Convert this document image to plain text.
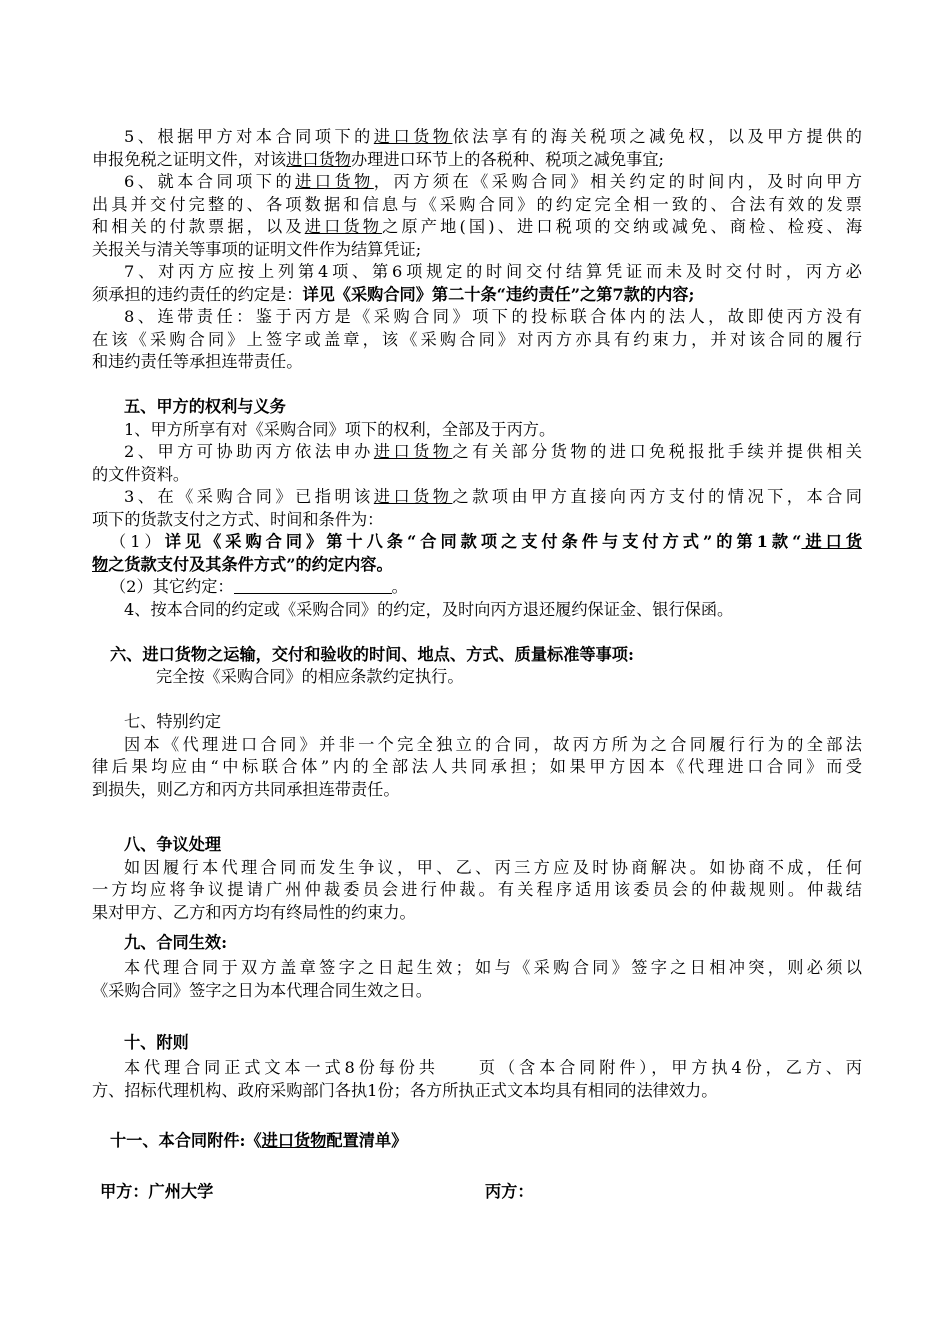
5、根据甲方对本合同项下的进口货物依法享有的海关税项之减免权，以及甲方提供的
申报免税之证明文件，对该进口货物办理进口环节上的各税种、税项之减免事宜;
6、就本合同项下的进口货物，丙方须在《采购合同》相关约定的时间内，及时向甲方
出具并交付完整的、各项数据和信息与《采购合同》的约定完全相一致的、合法有效的发票
和相关的付款票据，以及进口货物之原产地(国)、进口税项的交纳或减免、商检、检疫、海
关报关与清关等事项的证明文件作为结算凭证;
7、对丙方应按上列第4项、第6项规定的时间交付结算凭证而未及时交付时，丙方必
须承担的违约责任的约定是：详见《采购合同》第二十条“违约责任”之第7款的内容;
8、连带责任：鉴于丙方是《采购合同》项下的投标联合体内的法人，故即使丙方没有
在该《采购合同》上签字或盖章，该《采购合同》对丙方亦具有约束力，并对该合同的履行
和违约责任等承担连带责任。
五、甲方的权利与义务
1、甲方所享有对《采购合同》项下的权利，全部及于丙方。
2、甲方可协助丙方依法申办进口货物之有关部分货物的进口免税报批手续并提供相关
的文件资料。
3、在《采购合同》已指明该进口货物之款项由甲方直接向丙方支付的情况下，本合同
项下的货款支付之方式、时间和条件为：
（1）详见《采购合同》第十八条“合同款项之支付条件与支付方式”的第1款“进口货
物之货款支付及其条件方式”的约定内容。
（2）其它约定：	。
4、按本合同的约定或《采购合同》的约定，及时向丙方退还履约保证金、银行保函。
六、进口货物之运输，交付和验收的时间、地点、方式、质量标准等事项:
完全按《采购合同》的相应条款约定执行。
七、特别约定
因本《代理进口合同》并非一个完全独立的合同，故丙方所为之合同履行行为的全部法
律后果均应由“中标联合体”内的全部法人共同承担；如果甲方因本《代理进口合同》而受
到损失，则乙方和丙方共同承担连带责任。
八、争议处理
如因履行本代理合同而发生争议，甲、乙、丙三方应及时协商解决。如协商不成，任何
一方均应将争议提请广州仲裁委员会进行仲裁。有关程序适用该委员会的仲裁规则。仲裁结
果对甲方、乙方和丙方均有终局性的约束力。
九、合同生效:
本代理合同于双方盖章签字之日起生效；如与《采购合同》签字之日相冲突，则必须以
《采购合同》签字之日为本代理合同生效之日。
十、附则
本代理合同正式文本一式8份每份共　　页（含本合同附件），甲方执4份，乙方、丙
方、招标代理机构、政府采购部门各执1份；各方所执正式文本均具有相同的法律效力。
十一、本合同附件:《进口货物配置清单》
甲方：广州大学	丙方：
